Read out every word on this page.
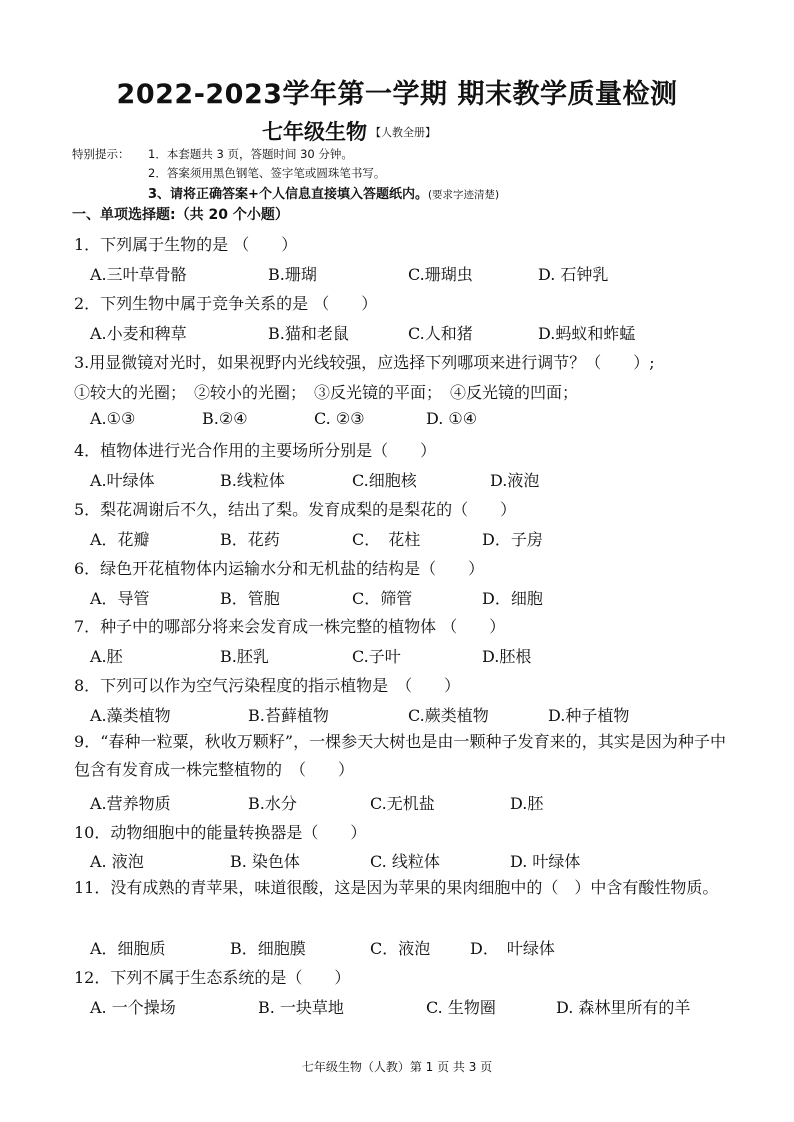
2022-2023学年第一学期 期末教学质量检测
七年级生物 【人教全册】
特别提示： 1．本套题共 3 页，答题时间 30 分钟。
2．答案须用黑色钢笔、签字笔或圆珠笔书写。
3、请将正确答案+个人信息直接填入答题纸内。(要求字迹清楚)
一、单项选择题:（共 20 个小题）
1．下列属于生物的是 （　　）
A.三叶草骨骼	B.珊瑚	C.珊瑚虫	D. 石钟乳
2．下列生物中属于竞争关系的是 （　　）
A.小麦和稗草	B.猫和老鼠	C.人和猪	D.蚂蚁和蚱蜢
3.用显微镜对光时，如果视野内光线较强，应选择下列哪项来进行调节？（　　）;
①较大的光圈；　②较小的光圈；　③反光镜的平面；　④反光镜的凹面；
A.①③	B.②④	C. ②③	D. ①④
4．植物体进行光合作用的主要场所分别是（　　）
A.叶绿体	B.线粒体	C.细胞核	D.液泡
5．梨花凋谢后不久，结出了梨。发育成梨的是梨花的（　　）
A．花瓣	B．花药	C．　花柱	D．子房
6．绿色开花植物体内运输水分和无机盐的结构是（　　）
A．导管	B．管胞	C．筛管	D．细胞
7．种子中的哪部分将来会发育成一株完整的植物体 （　　）
A.胚	B.胚乳	C.子叶	D.胚根
8．下列可以作为空气污染程度的指示植物是　（　　）
A.藻类植物	B.苔藓植物	C.蕨类植物	D.种子植物
9．“春种一粒粟，秋收万颗籽”，一棵参天大树也是由一颗种子发育来的，其实是因为种子中包含有发育成一株完整植物的　（　　）
A.营养物质	B.水分	C.无机盐	D.胚
10．动物细胞中的能量转换器是（　　）
A. 液泡	B. 染色体	C. 线粒体	D. 叶绿体
11．没有成熟的青苹果，味道很酸，这是因为苹果的果肉细胞中的（　）中含有酸性物质。
A．细胞质	B．细胞膜	C．液泡 D．　叶绿体
12．下列不属于生态系统的是（　　）
A. 一个操场	B. 一块草地	C. 生物圈	D. 森林里所有的羊
七年级生物（人教）第 1 页 共 3 页
